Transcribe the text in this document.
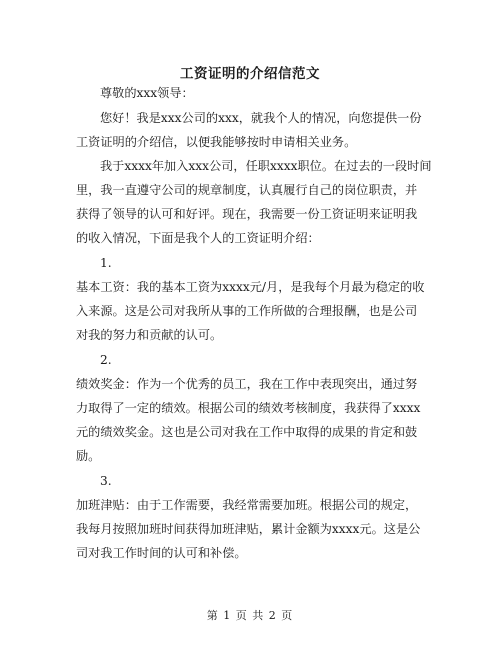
工资证明的介绍信范文
尊敬的xxx领导：
您好！我是xxx公司的xxx，就我个人的情况，向您提供一份
工资证明的介绍信，以便我能够按时申请相关业务。
我于xxxx年加入xxx公司，任职xxxx职位。在过去的一段时间
里，我一直遵守公司的规章制度，认真履行自己的岗位职责，并
获得了领导的认可和好评。现在，我需要一份工资证明来证明我
的收入情况，下面是我个人的工资证明介绍：
1.
基本工资：我的基本工资为xxxx元/月，是我每个月最为稳定的收
入来源。这是公司对我所从事的工作所做的合理报酬，也是公司
对我的努力和贡献的认可。
2.
绩效奖金：作为一个优秀的员工，我在工作中表现突出，通过努
力取得了一定的绩效。根据公司的绩效考核制度，我获得了xxxx
元的绩效奖金。这也是公司对我在工作中取得的成果的肯定和鼓
励。
3.
加班津贴：由于工作需要，我经常需要加班。根据公司的规定，
我每月按照加班时间获得加班津贴，累计金额为xxxx元。这是公
司对我工作时间的认可和补偿。
第 1 页 共 2 页
